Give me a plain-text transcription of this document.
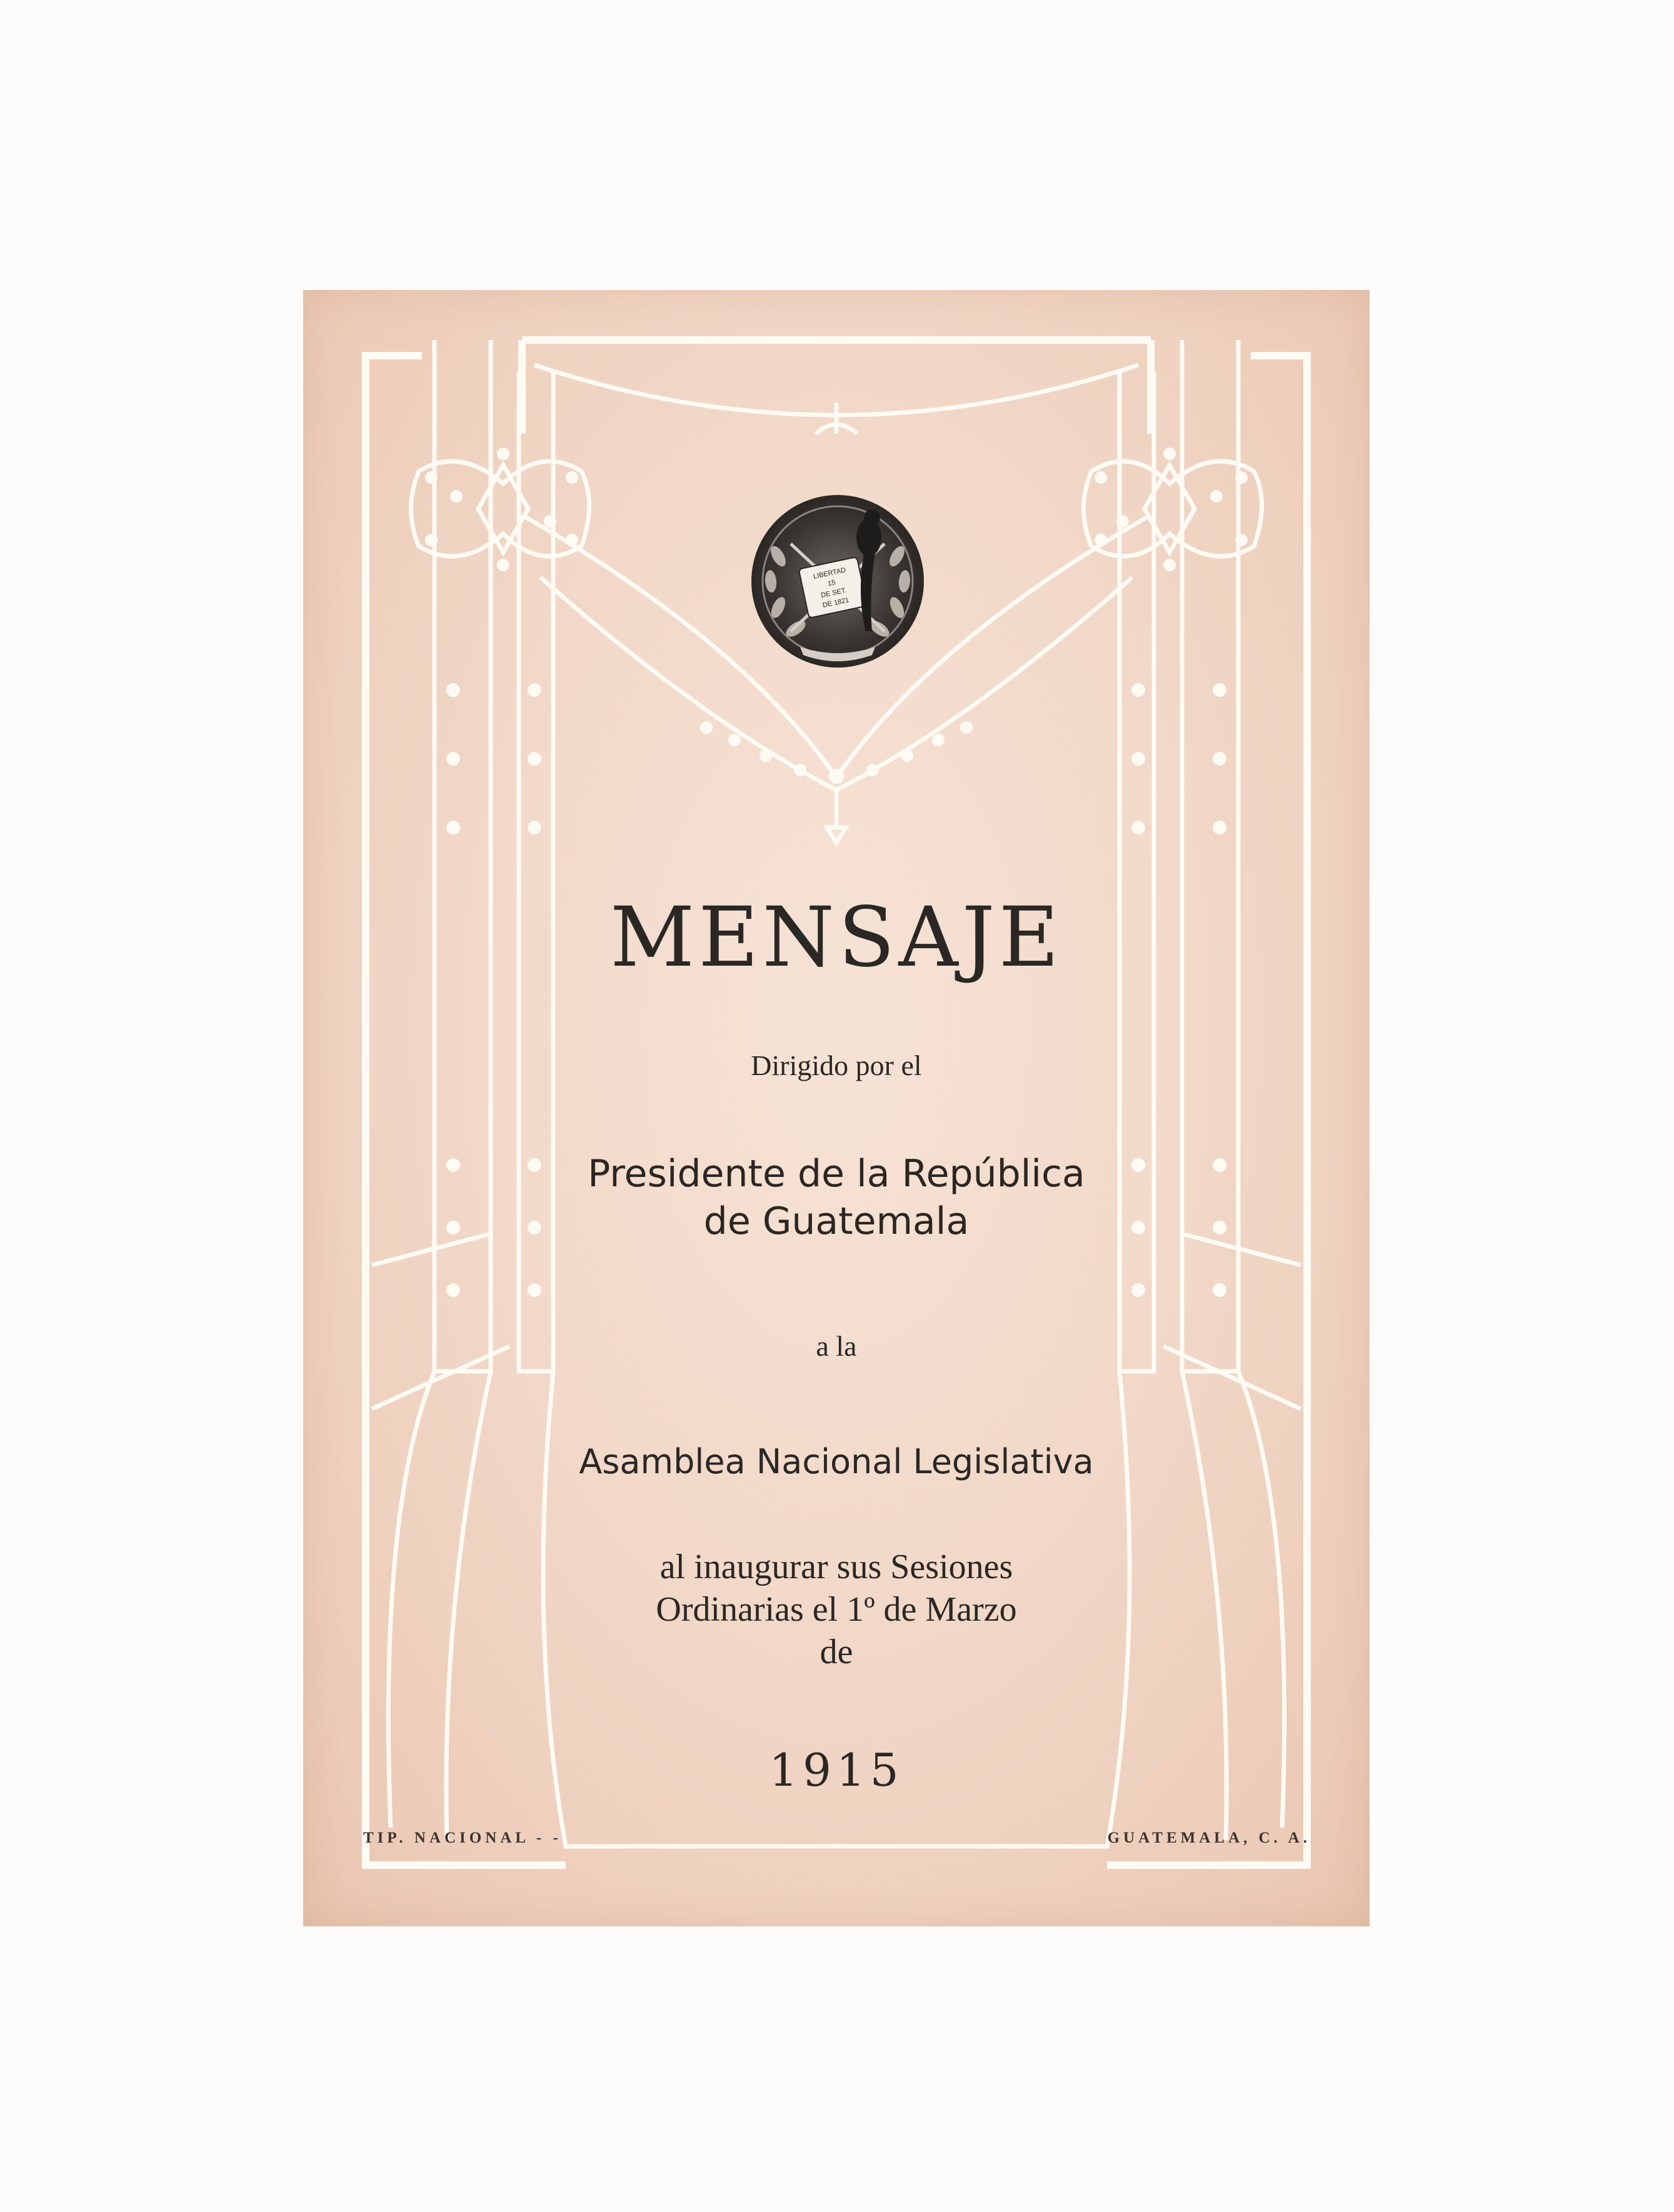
LIBERTAD
15
DE SET.
DE 1821
MENSAJE
Dirigido por el
Presidente de la República
de Guatemala
a la
Asamblea Nacional Legislativa
al inaugurar sus Sesiones
Ordinarias el 1º de Marzo
de
1915
TIP. NACIONAL - -	GUATEMALA, C. A.
